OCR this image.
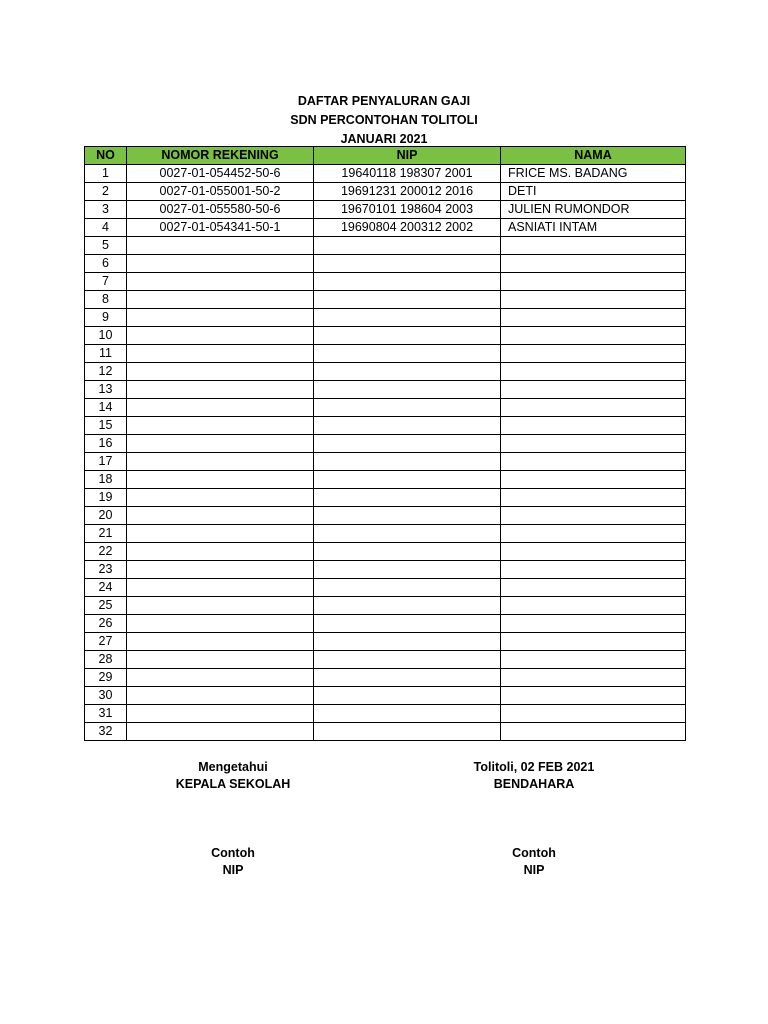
DAFTAR PENYALURAN GAJI
SDN PERCONTOHAN TOLITOLI
JANUARI 2021
NO	NOMOR REKENING	NIP	NAMA
1	0027-01-054452-50-6	19640118 198307 2001	FRICE MS. BADANG
2	0027-01-055001-50-2	19691231 200012 2016	DETI
3	0027-01-055580-50-6	19670101 198604 2003	JULIEN RUMONDOR
4	0027-01-054341-50-1	19690804 200312 2002	ASNIATI INTAM
5			
6			
7			
8			
9			
10			
11			
12			
13			
14			
15			
16			
17			
18			
19			
20			
21			
22			
23			
24			
25			
26			
27			
28			
29			
30			
31			
32			
Mengetahui
KEPALA SEKOLAH
Contoh
NIP
Tolitoli, 02 FEB 2021
BENDAHARA
Contoh
NIP
